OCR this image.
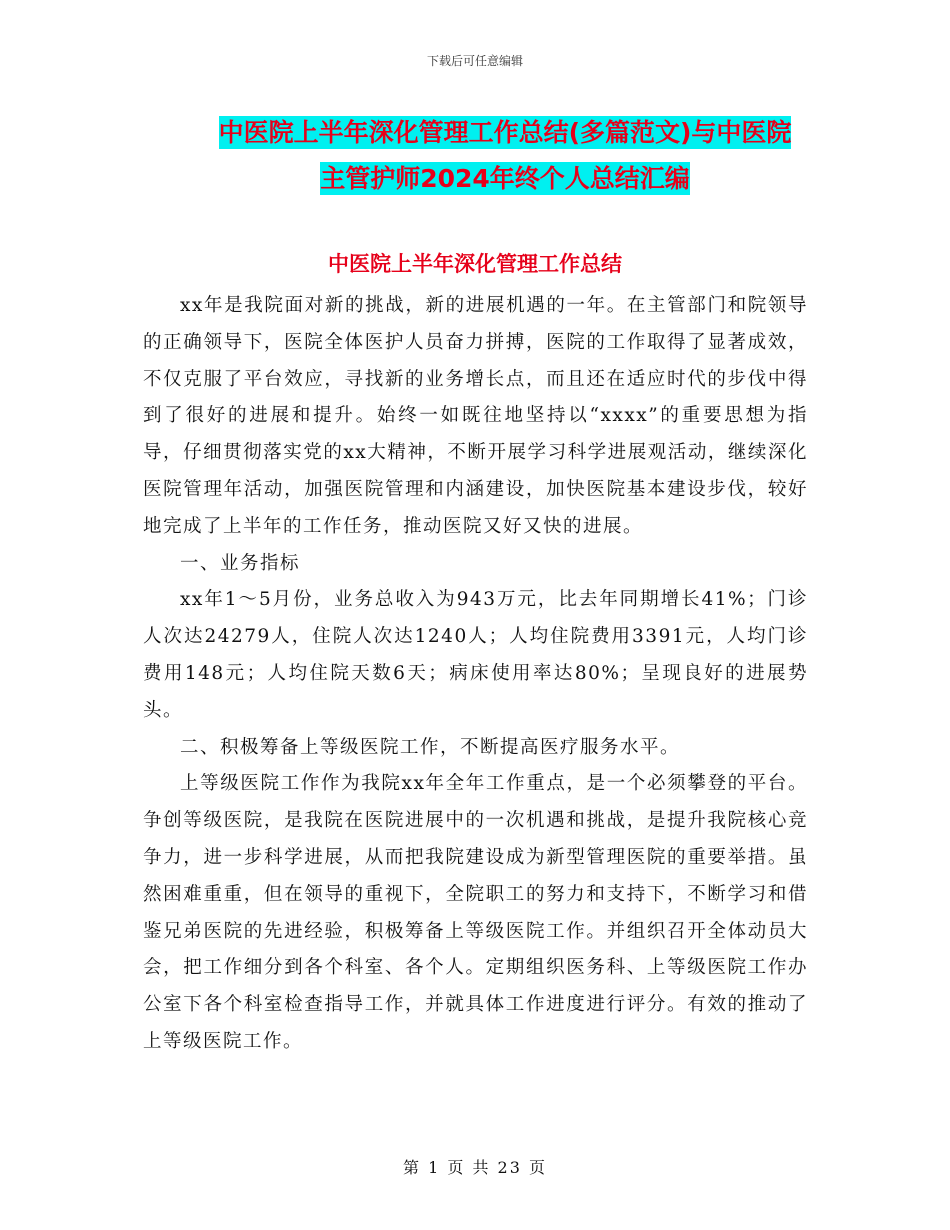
下载后可任意编辑
中医院上半年深化管理工作总结(多篇范文)与中医院
主管护师2024年终个人总结汇编
中医院上半年深化管理工作总结

xx年是我院面对新的挑战，新的进展机遇的一年。在主管部门和院领导的正确领导下，医院全体医护人员奋力拼搏，医院的工作取得了显著成效，不仅克服了平台效应，寻找新的业务增长点，而且还在适应时代的步伐中得到了很好的进展和提升。始终一如既往地坚持以“xxxx”的重要思想为指导，仔细贯彻落实党的xx大精神，不断开展学习科学进展观活动，继续深化医院管理年活动，加强医院管理和内涵建设，加快医院基本建设步伐，较好地完成了上半年的工作任务，推动医院又好又快的进展。

一、业务指标

xx年1～5月份，业务总收入为943万元，比去年同期增长41%；门诊人次达24279人，住院人次达1240人；人均住院费用3391元，人均门诊费用148元；人均住院天数6天；病床使用率达80%；呈现良好的进展势头。

二、积极筹备上等级医院工作，不断提高医疗服务水平。

上等级医院工作作为我院xx年全年工作重点，是一个必须攀登的平台。争创等级医院，是我院在医院进展中的一次机遇和挑战，是提升我院核心竞争力，进一步科学进展，从而把我院建设成为新型管理医院的重要举措。虽然困难重重，但在领导的重视下，全院职工的努力和支持下，不断学习和借鉴兄弟医院的先进经验，积极筹备上等级医院工作。并组织召开全体动员大会，把工作细分到各个科室、各个人。定期组织医务科、上等级医院工作办公室下各个科室检查指导工作，并就具体工作进度进行评分。有效的推动了上等级医院工作。

第 1 页 共 23 页
